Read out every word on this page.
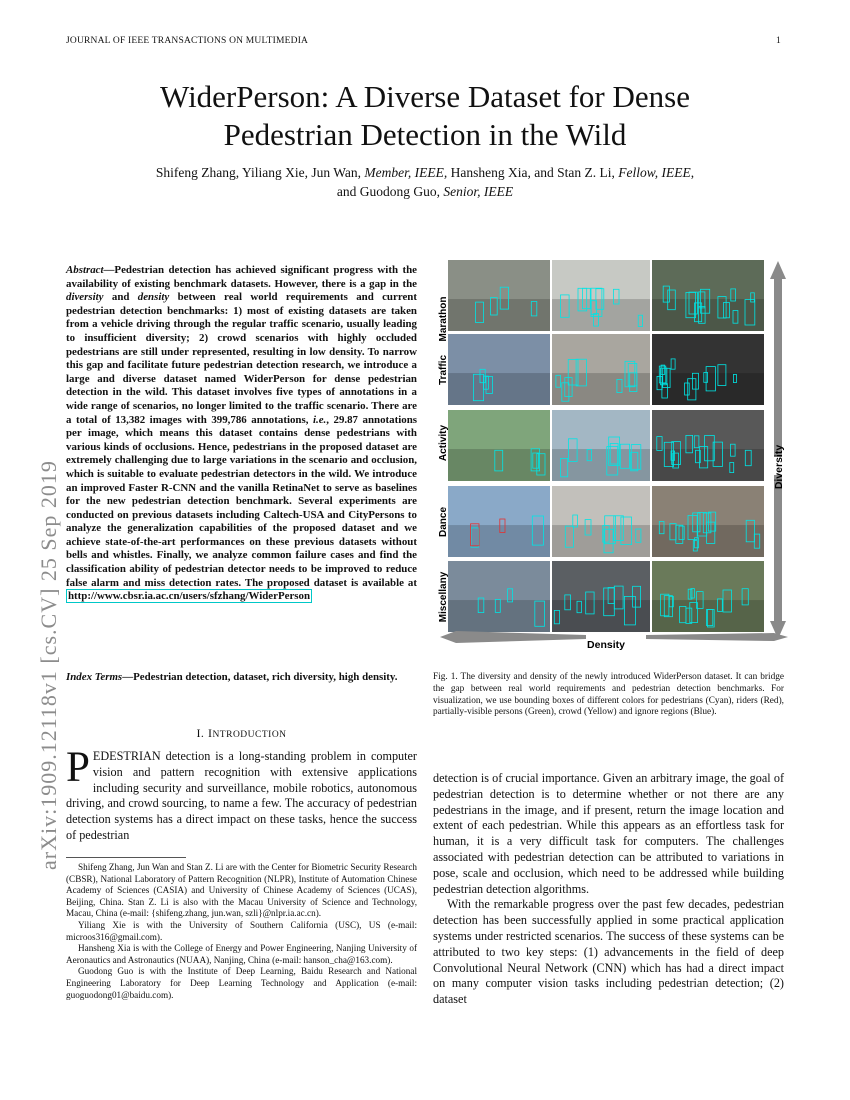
JOURNAL OF IEEE TRANSACTIONS ON MULTIMEDIA	1
arXiv:1909.12118v1 [cs.CV] 25 Sep 2019
WiderPerson: A Diverse Dataset for Dense
Pedestrian Detection in the Wild
Shifeng Zhang, Yiliang Xie, Jun Wan, Member, IEEE, Hansheng Xia, and Stan Z. Li, Fellow, IEEE,
and Guodong Guo, Senior, IEEE
Abstract—Pedestrian detection has achieved significant progress with the availability of existing benchmark datasets. However, there is a gap in the diversity and density between real world requirements and current pedestrian detection benchmarks: 1) most of existing datasets are taken from a vehicle driving through the regular traffic scenario, usually leading to insufficient diversity; 2) crowd scenarios with highly occluded pedestrians are still under represented, resulting in low density. To narrow this gap and facilitate future pedestrian detection research, we introduce a large and diverse dataset named WiderPerson for dense pedestrian detection in the wild. This dataset involves five types of annotations in a wide range of scenarios, no longer limited to the traffic scenario. There are a total of 13,382 images with 399,786 annotations, i.e., 29.87 annotations per image, which means this dataset contains dense pedestrians with various kinds of occlusions. Hence, pedestrians in the proposed dataset are extremely challenging due to large variations in the scenario and occlusion, which is suitable to evaluate pedestrian detectors in the wild. We introduce an improved Faster R-CNN and the vanilla RetinaNet to serve as baselines for the new pedestrian detection benchmark. Several experiments are conducted on previous datasets including Caltech-USA and CityPersons to analyze the generalization capabilities of the proposed dataset and we achieve state-of-the-art performances on these previous datasets without bells and whistles. Finally, we analyze common failure cases and find the classification ability of pedestrian detector needs to be improved to reduce false alarm and miss detection rates. The proposed dataset is available at http://www.cbsr.ia.ac.cn/users/sfzhang/WiderPerson
Index Terms—Pedestrian detection, dataset, rich diversity, high density.
I. INTRODUCTION
PEDESTRIAN detection is a long-standing problem in computer vision and pattern recognition with extensive applications including security and surveillance, mobile robotics, autonomous driving, and crowd sourcing, to name a few. The accuracy of pedestrian detection systems has a direct impact on these tasks, hence the success of pedestrian

Shifeng Zhang, Jun Wan and Stan Z. Li are with the Center for Biometric Security Research (CBSR), National Laboratory of Pattern Recognition (NLPR), Institute of Automation Chinese Academy of Sciences (CASIA) and University of Chinese Academy of Sciences (UCAS), Beijing, China. Stan Z. Li is also with the Macau University of Science and Technology, Macau, China (e-mail: {shifeng.zhang, jun.wan, szli}@nlpr.ia.ac.cn).

Yiliang Xie is with the University of Southern California (USC), US (e-mail: microos316@gmail.com).

Hansheng Xia is with the College of Energy and Power Engineering, Nanjing University of Aeronautics and Astronautics (NUAA), Nanjing, China (e-mail: hanson_cha@163.com).

Guodong Guo is with the Institute of Deep Learning, Baidu Research and National Engineering Laboratory for Deep Learning Technology and Application (e-mail: guoguodong01@baidu.com).

Marathon
Traffic
Activity
Dance
Miscellany
Diversity
Density
Fig. 1. The diversity and density of the newly introduced WiderPerson dataset. It can bridge the gap between real world requirements and pedestrian detection benchmarks. For visualization, we use bounding boxes of different colors for pedestrians (Cyan), riders (Red), partially-visible persons (Green), crowd (Yellow) and ignore regions (Blue).

detection is of crucial importance. Given an arbitrary image, the goal of pedestrian detection is to determine whether or not there are any pedestrians in the image, and if present, return the image location and extent of each pedestrian. While this appears as an effortless task for human, it is a very difficult task for computers. The challenges associated with pedestrian detection can be attributed to variations in pose, scale and occlusion, which need to be addressed while building pedestrian detection algorithms.

With the remarkable progress over the past few decades, pedestrian detection has been successfully applied in some practical application systems under restricted scenarios. The success of these systems can be attributed to two key steps: (1) advancements in the field of deep Convolutional Neural Network (CNN) which has had a direct impact on many computer vision tasks including pedestrian detection; (2) dataset
